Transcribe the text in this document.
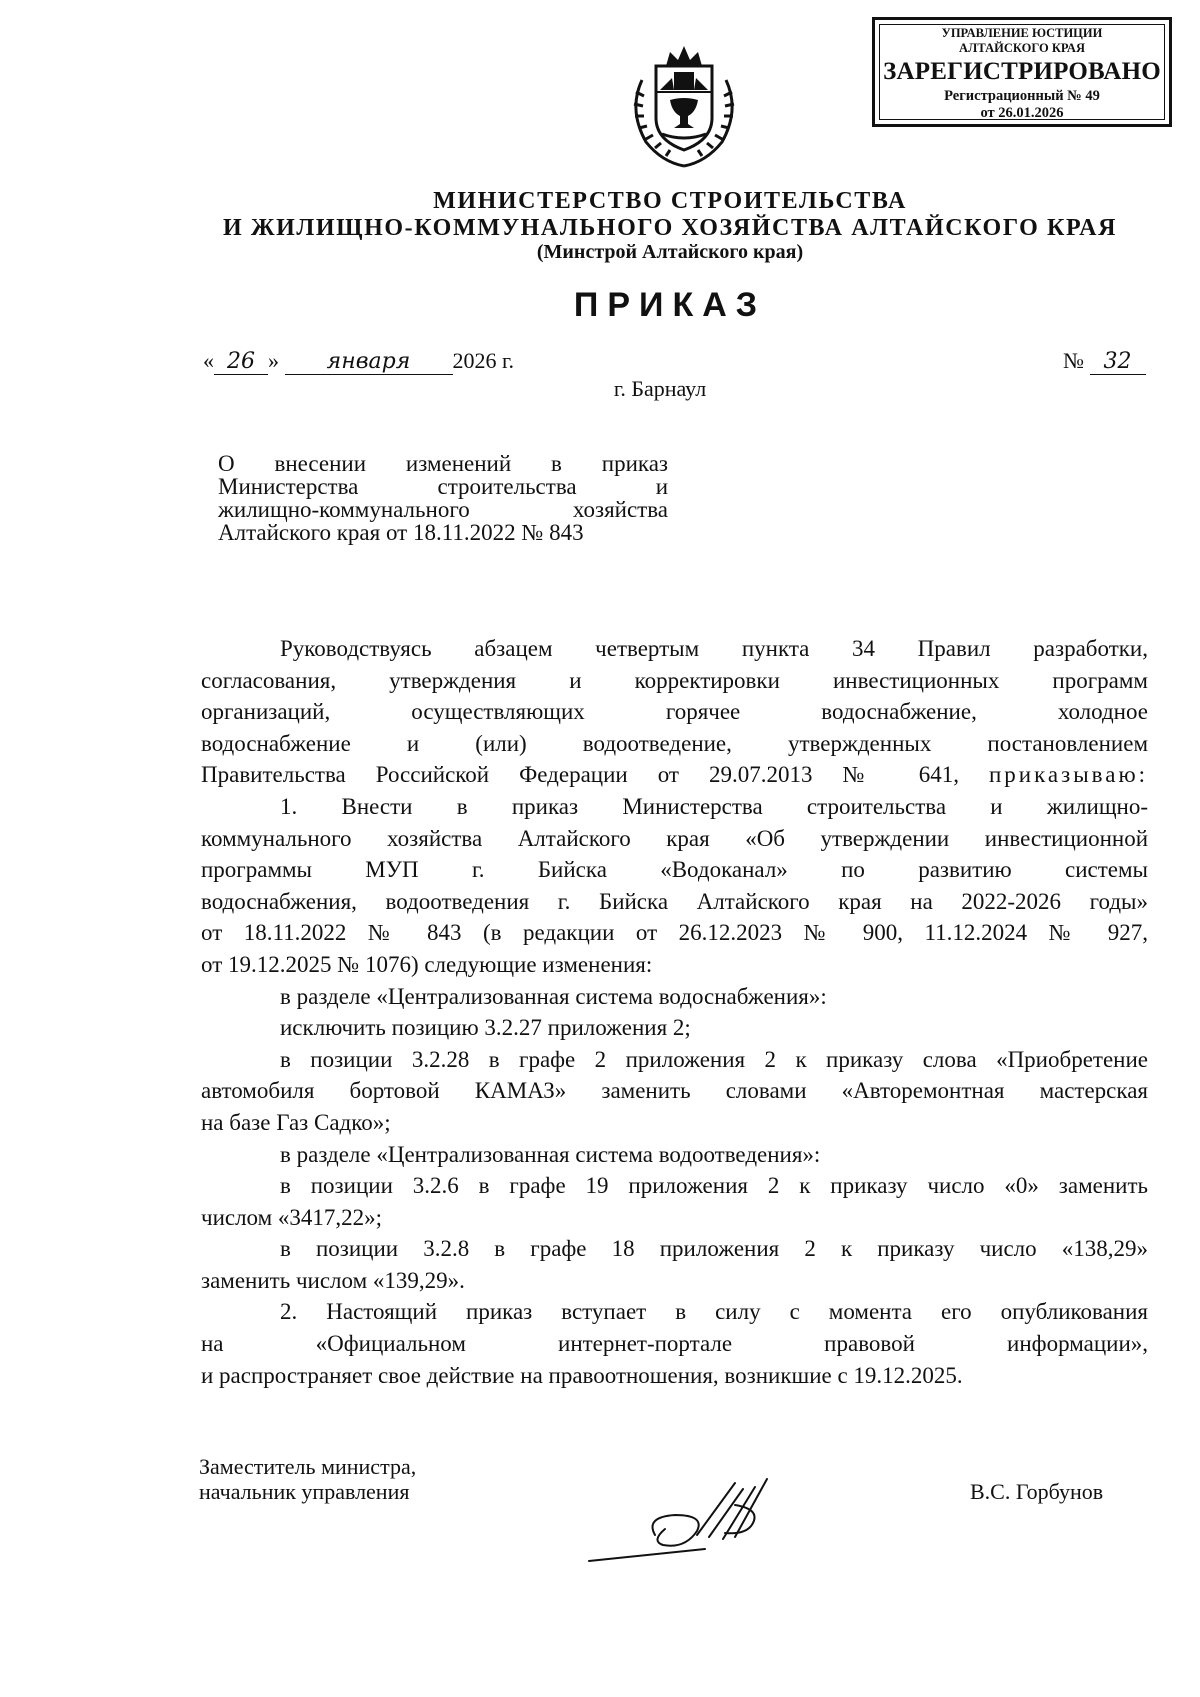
УПРАВЛЕНИЕ ЮСТИЦИИ
АЛТАЙСКОГО КРАЯ
ЗАРЕГИСТРИРОВАНО
Регистрационный № 49
от 26.01.2026
МИНИСТЕРСТВО СТРОИТЕЛЬСТВА
И ЖИЛИЩНО-КОММУНАЛЬНОГО ХОЗЯЙСТВА АЛТАЙСКОГО КРАЯ
(Минстрой Алтайского края)
ПРИКАЗ
« 26 » января 2026 г.	№ 32
г. Барнаул
О внесении изменений в приказ
Министерства строительства и
жилищно-коммунального хозяйства
Алтайского края от 18.11.2022 № 843
Руководствуясь абзацем четвертым пункта 34 Правил разработки,
согласования, утверждения и корректировки инвестиционных программ
организаций, осуществляющих горячее водоснабжение, холодное
водоснабжение и (или) водоотведение, утвержденных постановлением
Правительства Российской Федерации от 29.07.2013 № 641, приказываю:
1. Внести в приказ Министерства строительства и жилищно-
коммунального хозяйства Алтайского края «Об утверждении инвестиционной
программы МУП г. Бийска «Водоканал» по развитию системы
водоснабжения, водоотведения г. Бийска Алтайского края на 2022-2026 годы»
от 18.11.2022 № 843 (в редакции от 26.12.2023 № 900, 11.12.2024 № 927,
от 19.12.2025 № 1076) следующие изменения:
в разделе «Централизованная система водоснабжения»:
исключить позицию 3.2.27 приложения 2;
в позиции 3.2.28 в графе 2 приложения 2 к приказу слова «Приобретение
автомобиля бортовой КАМАЗ» заменить словами «Авторемонтная мастерская
на базе Газ Садко»;
в разделе «Централизованная система водоотведения»:
в позиции 3.2.6 в графе 19 приложения 2 к приказу число «0» заменить
числом «3417,22»;
в позиции 3.2.8 в графе 18 приложения 2 к приказу число «138,29»
заменить числом «139,29».
2. Настоящий приказ вступает в силу с момента его опубликования
на «Официальном интернет-портале правовой информации»,
и распространяет свое действие на правоотношения, возникшие с 19.12.2025.
Заместитель министра,
начальник управления	В.С. Горбунов
